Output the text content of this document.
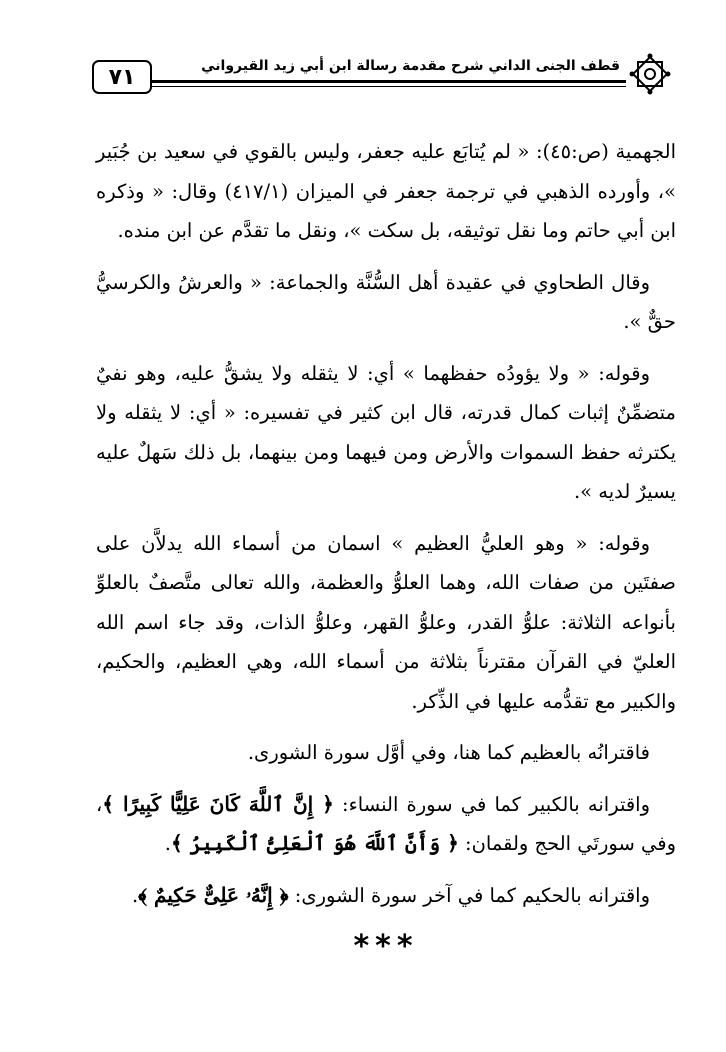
٧١	قطف الجنى الداني شرح مقدمة رسالة ابن أبي زيد القيرواني

الجهمية (ص:٤٥): « لم يُتابَع عليه جعفر، وليس بالقوي في سعيد بن جُبَير »، وأورده الذهبي في ترجمة جعفر في الميزان (٤١٧/١) وقال: « وذكره ابن أبي حاتم وما نقل توثيقه، بل سكت »، ونقل ما تقدَّم عن ابن منده.

وقال الطحاوي في عقيدة أهل السُّنَّة والجماعة: « والعرشُ والكرسيُّ حقٌّ ».

وقوله: « ولا يؤودُه حفظهما » أي: لا يثقله ولا يشقُّ عليه، وهو نفيٌ متضمِّنٌ إثبات كمال قدرته، قال ابن كثير في تفسيره: « أي: لا يثقله ولا يكترثه حفظ السموات والأرض ومن فيهما ومن بينهما، بل ذلك سَهلٌ عليه يسيرٌ لديه ».

وقوله: « وهو العليُّ العظيم » اسمان من أسماء الله يدلاَّن على صفتَين من صفات الله، وهما العلوُّ والعظمة، والله تعالى متَّصفٌ بالعلوِّ بأنواعه الثلاثة: علوُّ القدر، وعلوُّ القهر، وعلوُّ الذات، وقد جاء اسم الله العليّ في القرآن مقترناً بثلاثة من أسماء الله، وهي العظيم، والحكيم، والكبير مع تقدُّمه عليها في الذِّكر.

فاقترانُه بالعظيم كما هنا، وفي أوَّل سورة الشورى.

واقترانه بالكبير كما في سورة النساء: ﴿ إِنَّ ٱللَّهَ كَانَ عَلِيًّا كَبِيرًا ﴾، وفي سورتَي الحج ولقمان: ﴿ وَأَنَّ ٱللَّهَ هُوَ ٱلْعَلِىُّ ٱلْكَبِيرُ ﴾.

واقترانه بالحكيم كما في آخر سورة الشورى: ﴿ إِنَّهُۥ عَلِىٌّ حَكِيمٌ ﴾.

***
